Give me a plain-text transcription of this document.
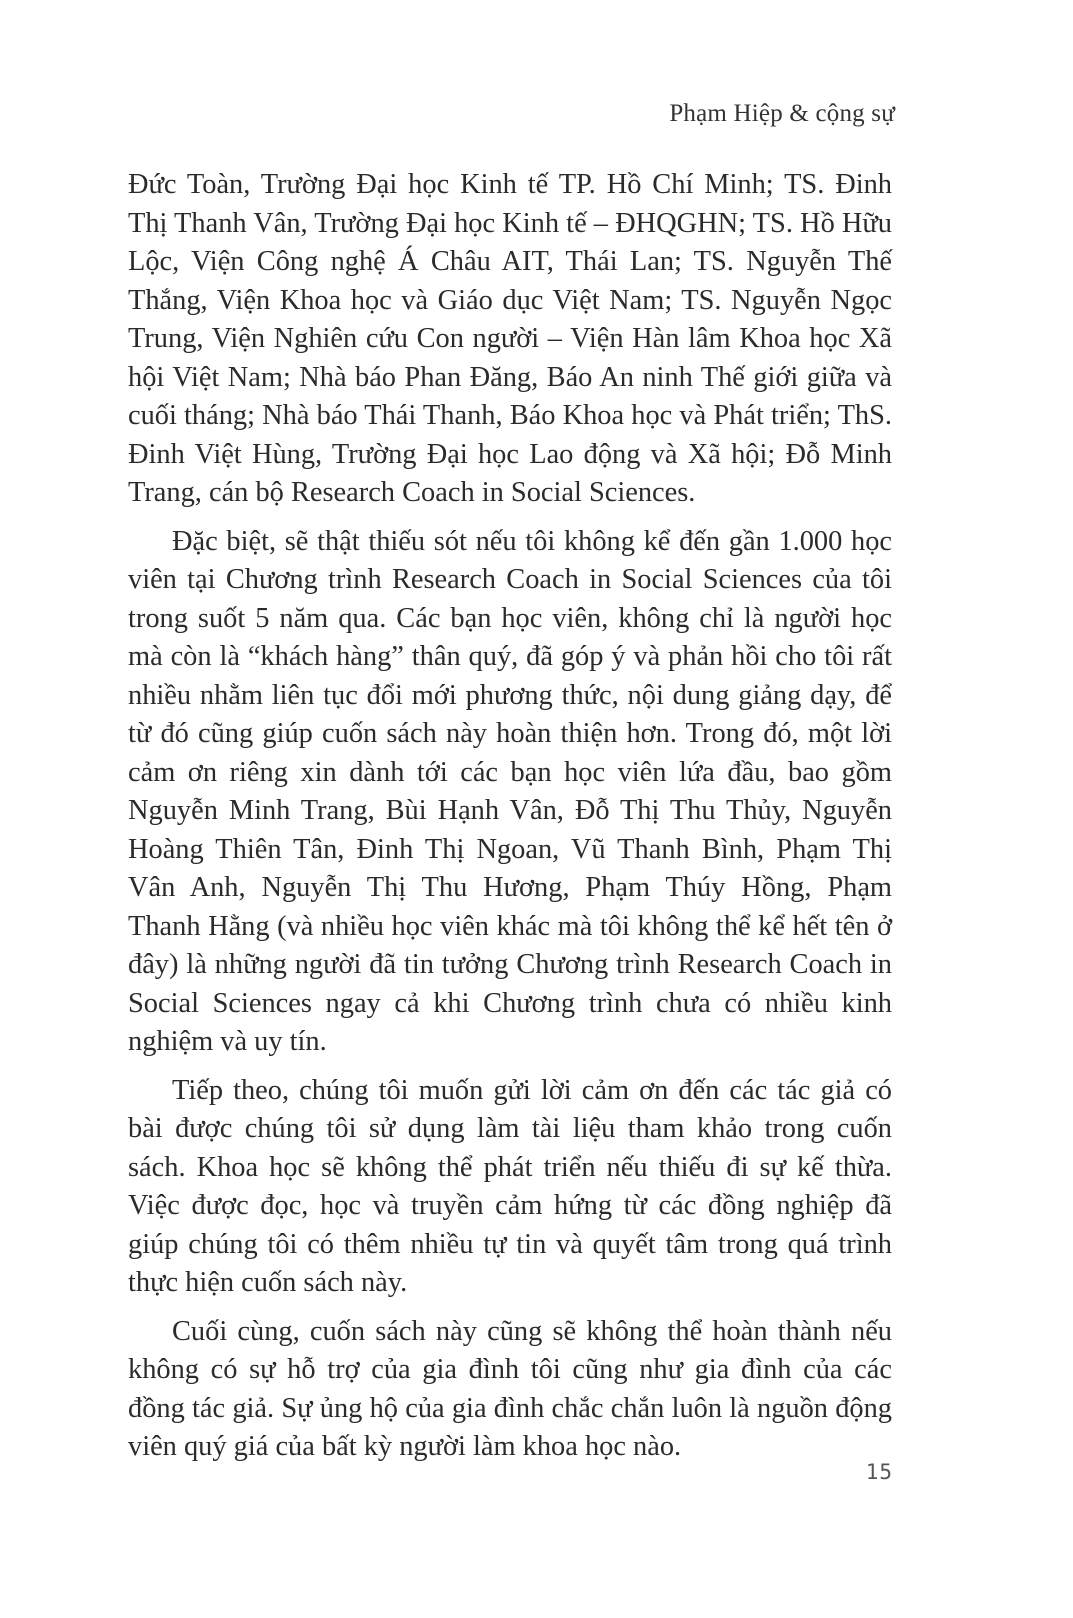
Phạm Hiệp & cộng sự

Đức Toàn, Trường Đại học Kinh tế TP. Hồ Chí Minh; TS. Đinh Thị Thanh Vân, Trường Đại học Kinh tế – ĐHQGHN; TS. Hồ Hữu Lộc, Viện Công nghệ Á Châu AIT, Thái Lan; TS. Nguyễn Thế Thắng, Viện Khoa học và Giáo dục Việt Nam; TS. Nguyễn Ngọc Trung, Viện Nghiên cứu Con người – Viện Hàn lâm Khoa học Xã hội Việt Nam; Nhà báo Phan Đăng, Báo An ninh Thế giới giữa và cuối tháng; Nhà báo Thái Thanh, Báo Khoa học và Phát triển; ThS. Đinh Việt Hùng, Trường Đại học Lao động và Xã hội; Đỗ Minh Trang, cán bộ Research Coach in Social Sciences.

Đặc biệt, sẽ thật thiếu sót nếu tôi không kể đến gần 1.000 học viên tại Chương trình Research Coach in Social Sciences của tôi trong suốt 5 năm qua. Các bạn học viên, không chỉ là người học mà còn là “khách hàng” thân quý, đã góp ý và phản hồi cho tôi rất nhiều nhằm liên tục đổi mới phương thức, nội dung giảng dạy, để từ đó cũng giúp cuốn sách này hoàn thiện hơn. Trong đó, một lời cảm ơn riêng xin dành tới các bạn học viên lứa đầu, bao gồm Nguyễn Minh Trang, Bùi Hạnh Vân, Đỗ Thị Thu Thủy, Nguyễn Hoàng Thiên Tân, Đinh Thị Ngoan, Vũ Thanh Bình, Phạm Thị Vân Anh, Nguyễn Thị Thu Hương, Phạm Thúy Hồng, Phạm Thanh Hằng (và nhiều học viên khác mà tôi không thể kể hết tên ở đây) là những người đã tin tưởng Chương trình Research Coach in Social Sciences ngay cả khi Chương trình chưa có nhiều kinh nghiệm và uy tín.

Tiếp theo, chúng tôi muốn gửi lời cảm ơn đến các tác giả có bài được chúng tôi sử dụng làm tài liệu tham khảo trong cuốn sách. Khoa học sẽ không thể phát triển nếu thiếu đi sự kế thừa. Việc được đọc, học và truyền cảm hứng từ các đồng nghiệp đã giúp chúng tôi có thêm nhiều tự tin và quyết tâm trong quá trình thực hiện cuốn sách này.

Cuối cùng, cuốn sách này cũng sẽ không thể hoàn thành nếu không có sự hỗ trợ của gia đình tôi cũng như gia đình của các đồng tác giả. Sự ủng hộ của gia đình chắc chắn luôn là nguồn động viên quý giá của bất kỳ người làm khoa học nào.

15
